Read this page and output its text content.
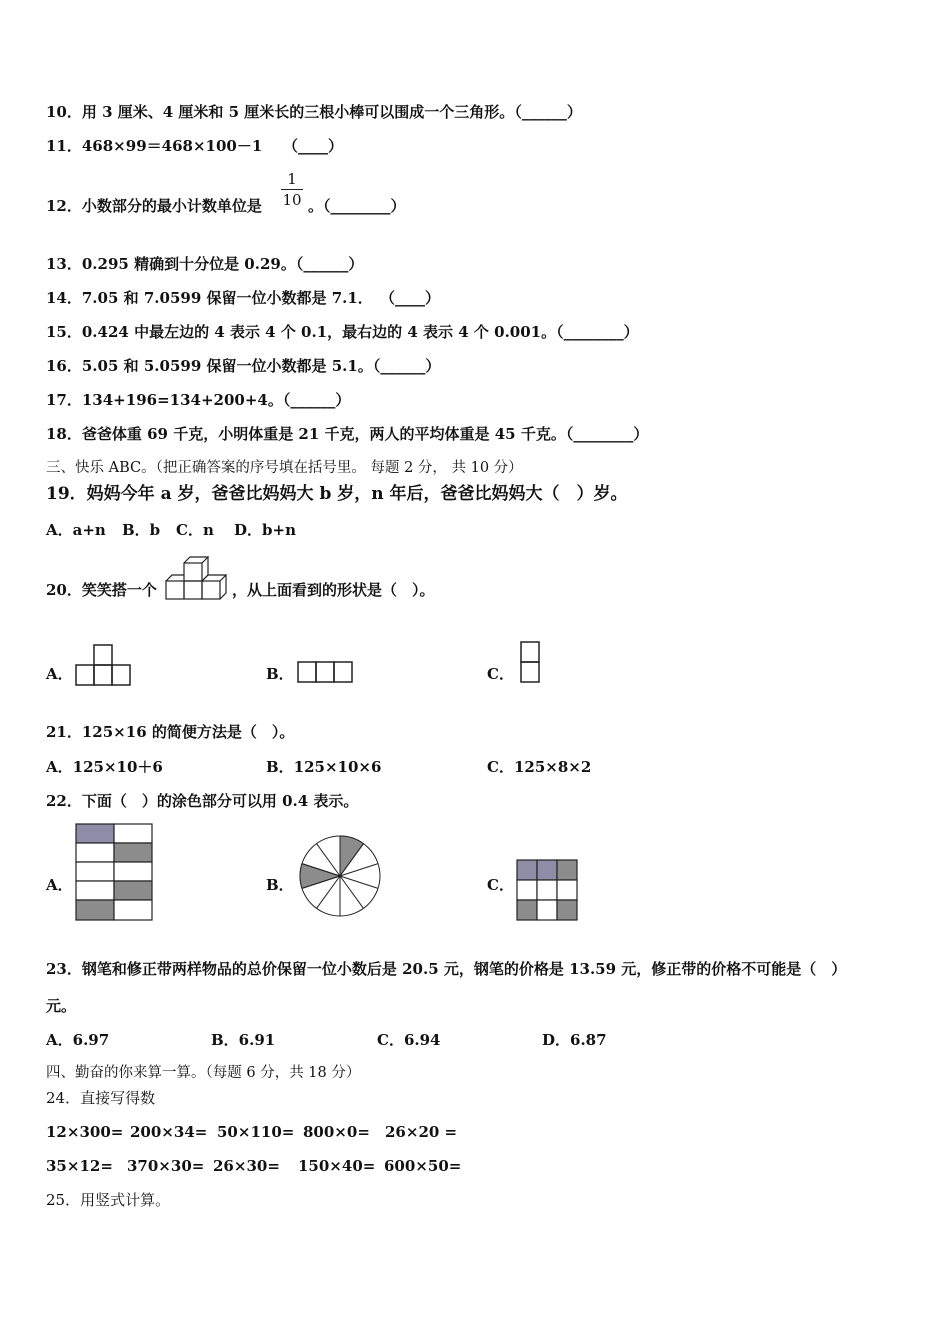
10．用 3 厘米、4 厘米和 5 厘米长的三根小棒可以围成一个三角形。（______）
11．468×99＝468×100－1 （____）
12．小数部分的最小计数单位是
1
10 。（________）
13．0.295 精确到十分位是 0.29。（______）
14．7.05 和 7.0599 保留一位小数都是 7.1． （____）
15．0.424 中最左边的 4 表示 4 个 0.1，最右边的 4 表示 4 个 0.001。（________）
16．5.05 和 5.0599 保留一位小数都是 5.1。（______）
17．134+196=134+200+4。（______）
18．爸爸体重 69 千克，小明体重是 21 千克，两人的平均体重是 45 千克。（________）
三、快乐 ABC。（把正确答案的序号填在括号里。 每题 2 分， 共 10 分）
19．妈妈今年 a 岁，爸爸比妈妈大 b 岁，n 年后，爸爸比妈妈大（　）岁。
A．a+n B．b C．n D．b+n
20．笑笑搭一个	，从上面看到的形状是（　）。
A．	B．	C．
21．125×16 的简便方法是（　）。
A．125×10＋6	B．125×10×6	C．125×8×2
22．下面（　）的涂色部分可以用 0.4 表示。
A．	B．	C．
23．钢笔和修正带两样物品的总价保留一位小数后是 20.5 元，钢笔的价格是 13.59 元，修正带的价格不可能是（　）
元。
A．6.97	B．6.91	C．6.94	D．6.87
四、勤奋的你来算一算。（每题 6 分，共 18 分）
24．直接写得数
12×300= 200×34= 50×110= 800×0= 26×20 =
35×12= 370×30= 26×30= 150×40= 600×50=
25．用竖式计算。
